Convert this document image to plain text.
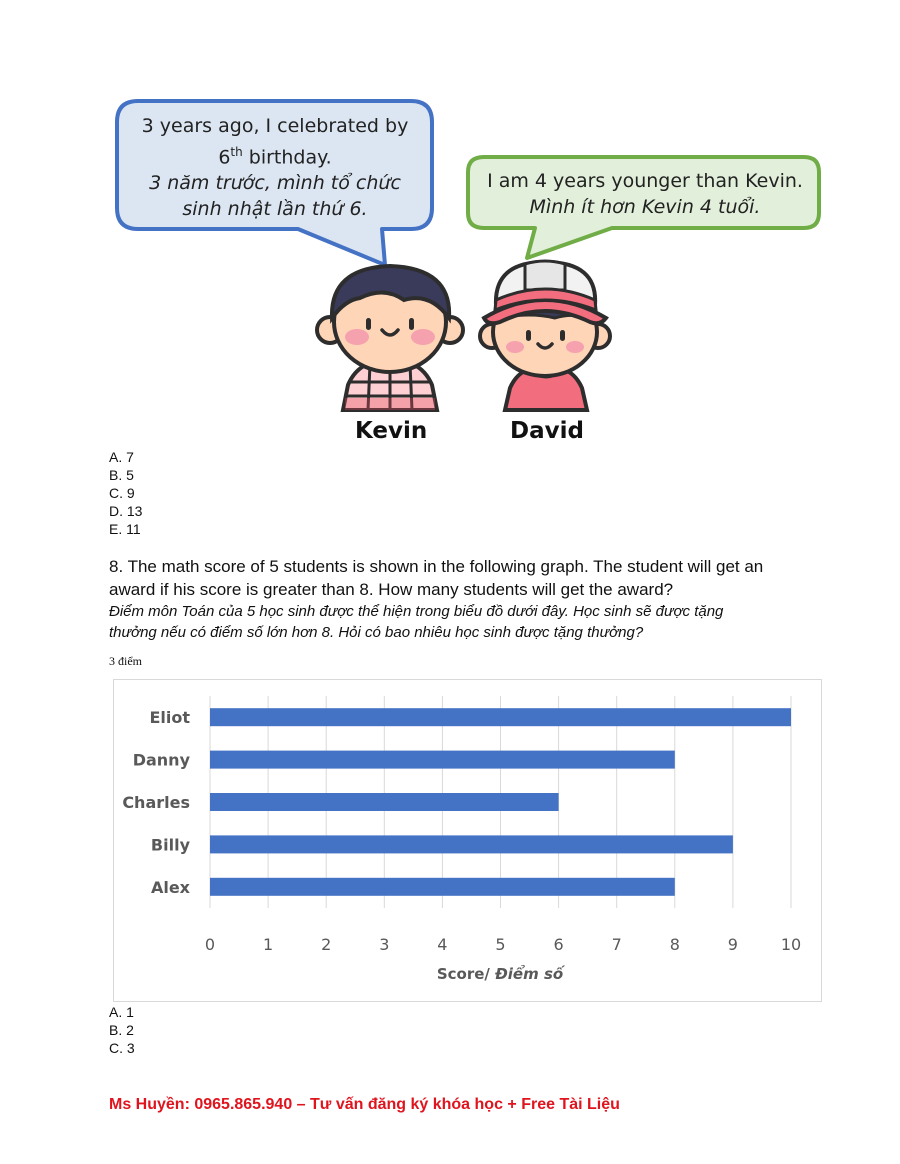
3 years ago, I celebrated by
6th birthday.
3 năm trước, mình tổ chức
sinh nhật lần thứ 6.
I am 4 years younger than Kevin.
Mình ít hơn Kevin 4 tuổi.
Kevin	David
A. 7
B. 5
C. 9
D. 13
E. 11
8. The math score of 5 students is shown in the following graph. The student will get an
award if his score is greater than 8. How many students will get the award?
Điểm môn Toán của 5 học sinh được thể hiện trong biểu đồ dưới đây. Học sinh sẽ được tặng
thưởng nếu có điểm số lớn hơn 8. Hỏi có bao nhiêu học sinh được tặng thưởng?
3 điểm
Eliot
Danny
Charles
Billy
Alex
0	1	2	3	4	5	6	7	8	9	10
Score/ Điểm số
A. 1
B. 2
C. 3
Ms Huyền: 0965.865.940 – Tư vấn đăng ký khóa học + Free Tài Liệu
